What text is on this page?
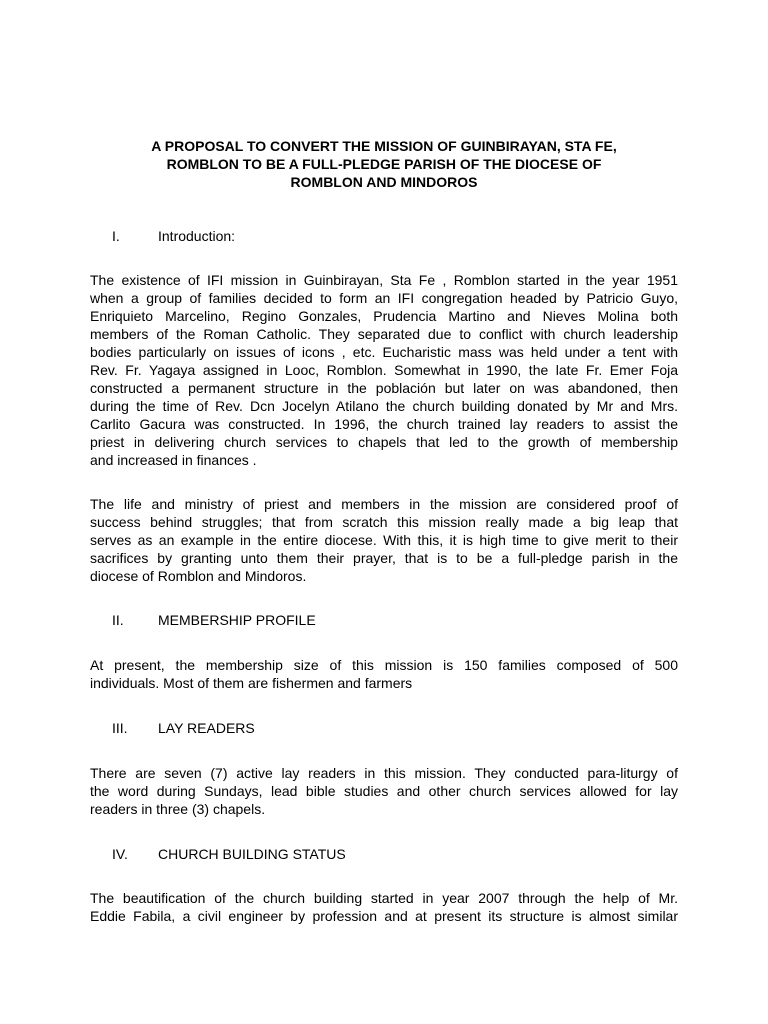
A PROPOSAL TO CONVERT THE MISSION OF GUINBIRAYAN, STA FE,
ROMBLON TO BE A FULL-PLEDGE PARISH OF THE DIOCESE OF
ROMBLON AND MINDOROS
I.	Introduction:
The existence of IFI mission in Guinbirayan, Sta Fe , Romblon started in the year 1951
when a group of families decided to form an IFI congregation headed by Patricio Guyo,
Enriquieto Marcelino, Regino Gonzales, Prudencia Martino and Nieves Molina both
members of the Roman Catholic. They separated due to conflict with church leadership
bodies particularly on issues of icons , etc. Eucharistic mass was held under a tent with
Rev. Fr. Yagaya assigned in Looc, Romblon. Somewhat in 1990, the late Fr. Emer Foja
constructed a permanent structure in the población but later on was abandoned, then
during the time of Rev. Dcn Jocelyn Atilano the church building donated by Mr and Mrs.
Carlito Gacura was constructed. In 1996, the church trained lay readers to assist the
priest in delivering church services to chapels that led to the growth of membership
and increased in finances .
The life and ministry of priest and members in the mission are considered proof of
success behind struggles; that from scratch this mission really made a big leap that
serves as an example in the entire diocese. With this, it is high time to give merit to their
sacrifices by granting unto them their prayer, that is to be a full-pledge parish in the
diocese of Romblon and Mindoros.
II. MEMBERSHIP PROFILE
At present, the membership size of this mission is 150 families composed of 500
individuals. Most of them are fishermen and farmers
III. LAY READERS
There are seven (7) active lay readers in this mission. They conducted para-liturgy of
the word during Sundays, lead bible studies and other church services allowed for lay
readers in three (3) chapels.
IV. CHURCH BUILDING STATUS
The beautification of the church building started in year 2007 through the help of Mr.
Eddie Fabila, a civil engineer by profession and at present its structure is almost similar
